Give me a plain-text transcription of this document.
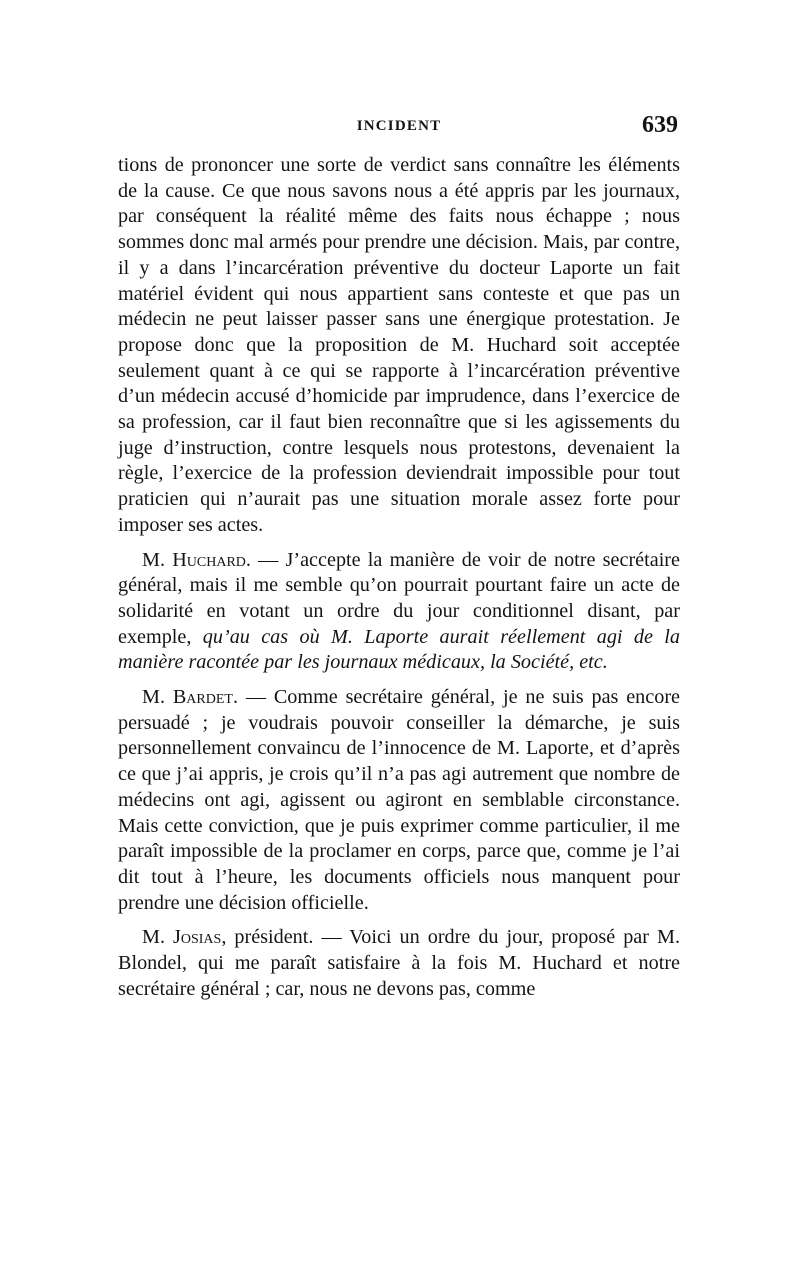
INCIDENT	639

tions de prononcer une sorte de verdict sans connaître les éléments de la cause. Ce que nous savons nous a été appris par les journaux, par conséquent la réalité même des faits nous échappe ; nous sommes donc mal armés pour prendre une décision. Mais, par contre, il y a dans l’incarcération préventive du docteur Laporte un fait matériel évident qui nous appartient sans conteste et que pas un médecin ne peut laisser passer sans une énergique protestation. Je propose donc que la proposition de M. Huchard soit acceptée seulement quant à ce qui se rapporte à l’incarcération préventive d’un médecin accusé d’homicide par imprudence, dans l’exercice de sa profession, car il faut bien reconnaître que si les agissements du juge d’instruction, contre lesquels nous protestons, devenaient la règle, l’exercice de la profession deviendrait impossible pour tout praticien qui n’aurait pas une situation morale assez forte pour imposer ses actes.

M. Huchard. — J’accepte la manière de voir de notre secrétaire général, mais il me semble qu’on pourrait pourtant faire un acte de solidarité en votant un ordre du jour conditionnel disant, par exemple, qu’au cas où M. Laporte aurait réellement agi de la manière racontée par les journaux médicaux, la Société, etc.

M. Bardet. — Comme secrétaire général, je ne suis pas encore persuadé ; je voudrais pouvoir conseiller la démarche, je suis personnellement convaincu de l’innocence de M. Laporte, et d’après ce que j’ai appris, je crois qu’il n’a pas agi autrement que nombre de médecins ont agi, agissent ou agiront en semblable circonstance. Mais cette conviction, que je puis exprimer comme particulier, il me paraît impossible de la proclamer en corps, parce que, comme je l’ai dit tout à l’heure, les documents officiels nous manquent pour prendre une décision officielle.

M. Josias, président. — Voici un ordre du jour, proposé par M. Blondel, qui me paraît satisfaire à la fois M. Huchard et notre secrétaire général ; car, nous ne devons pas, comme
